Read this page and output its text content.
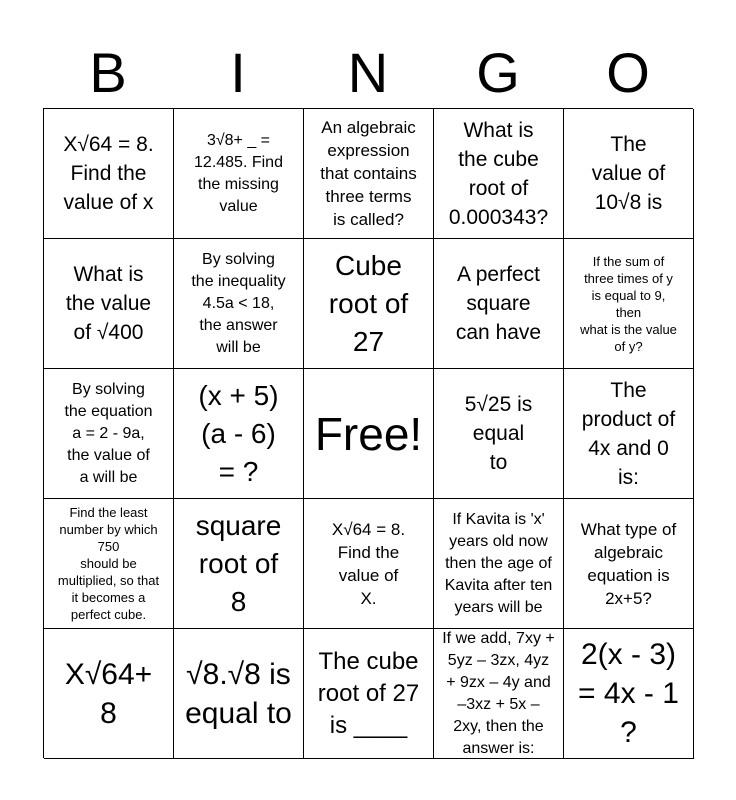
B	I	N	G	O
X√64 = 8.
Find the
value of x
3√8+ _ =
12.485. Find
the missing
value
An algebraic
expression
that contains
three terms
is called?
What is
the cube
root of
0.000343?
The
value of
10√8 is
What is
the value
of √400
By solving
the inequality
4.5a < 18,
the answer
will be
Cube
root of
27
A perfect
square
can have
If the sum of
three times of y
is equal to 9,
then
what is the value
of y?
By solving
the equation
a = 2 - 9a,
the value of
a will be
(x + 5)
(a - 6)
= ?
Free!
5√25 is
equal
to
The
product of
4x and 0
is:
Find the least
number by which
750
should be
multiplied, so that
it becomes a
perfect cube.
square
root of
8
X√64 = 8.
Find the
value of
X.
If Kavita is 'x'
years old now
then the age of
Kavita after ten
years will be
What type of
algebraic
equation is
2x+5?
X√64+
8
√8.√8 is
equal to
The cube
root of 27
is ____
If we add, 7xy +
5yz – 3zx, 4yz
+ 9zx – 4y and
–3xz + 5x –
2xy, then the
answer is:
2(x - 3)
= 4x - 1
?
